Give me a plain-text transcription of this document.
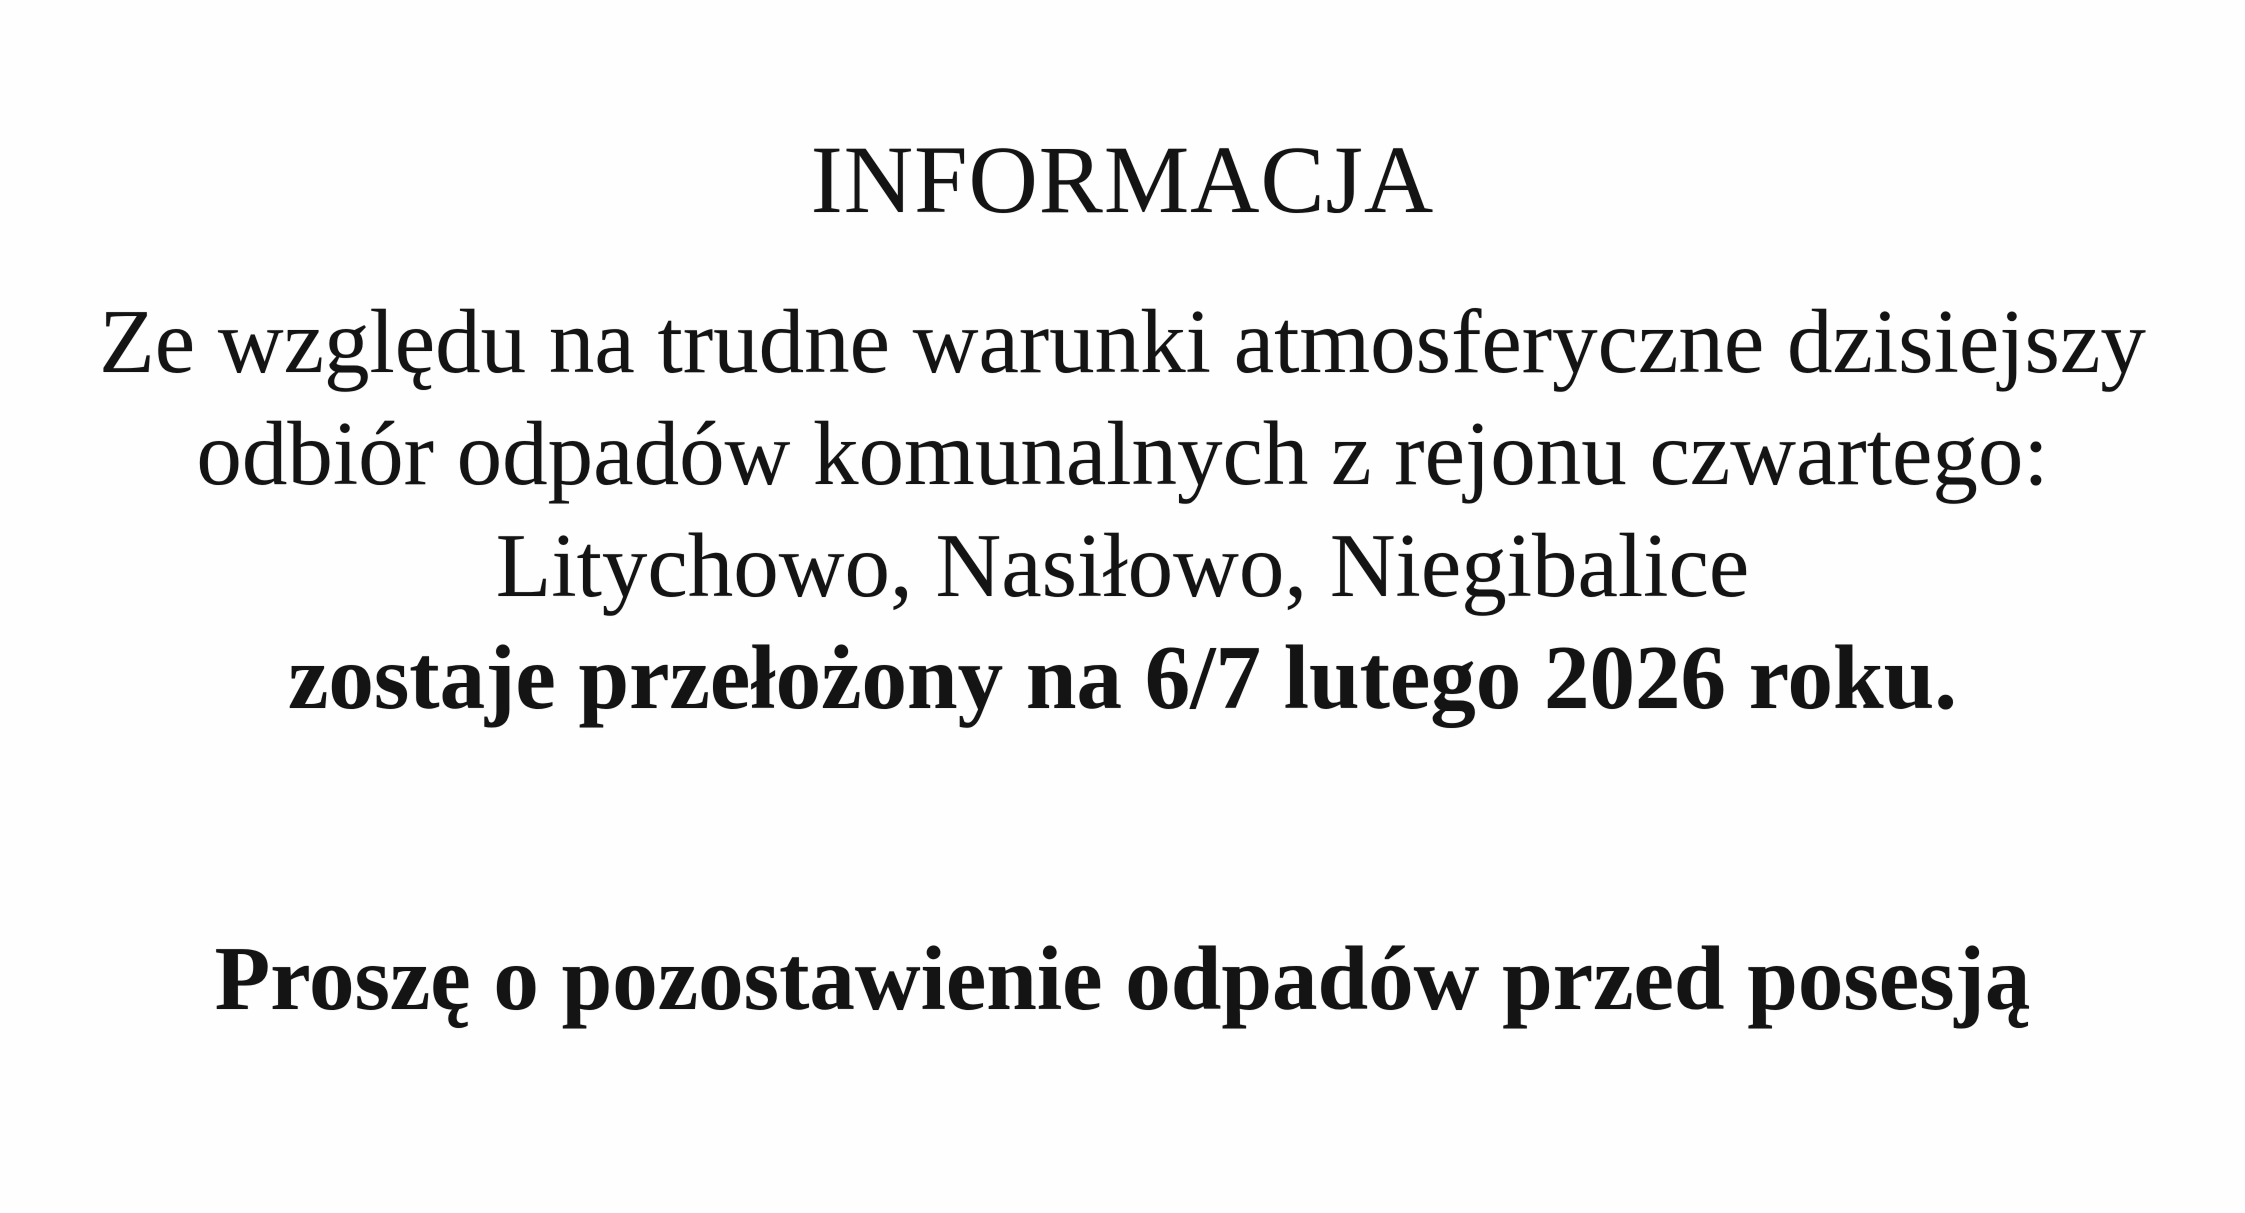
INFORMACJA
Ze względu na trudne warunki atmosferyczne dzisiejszy
odbiór odpadów komunalnych z rejonu czwartego:
Litychowo, Nasiłowo, Niegibalice
zostaje przełożony na 6/7 lutego 2026 roku.
Proszę o pozostawienie odpadów przed posesją
